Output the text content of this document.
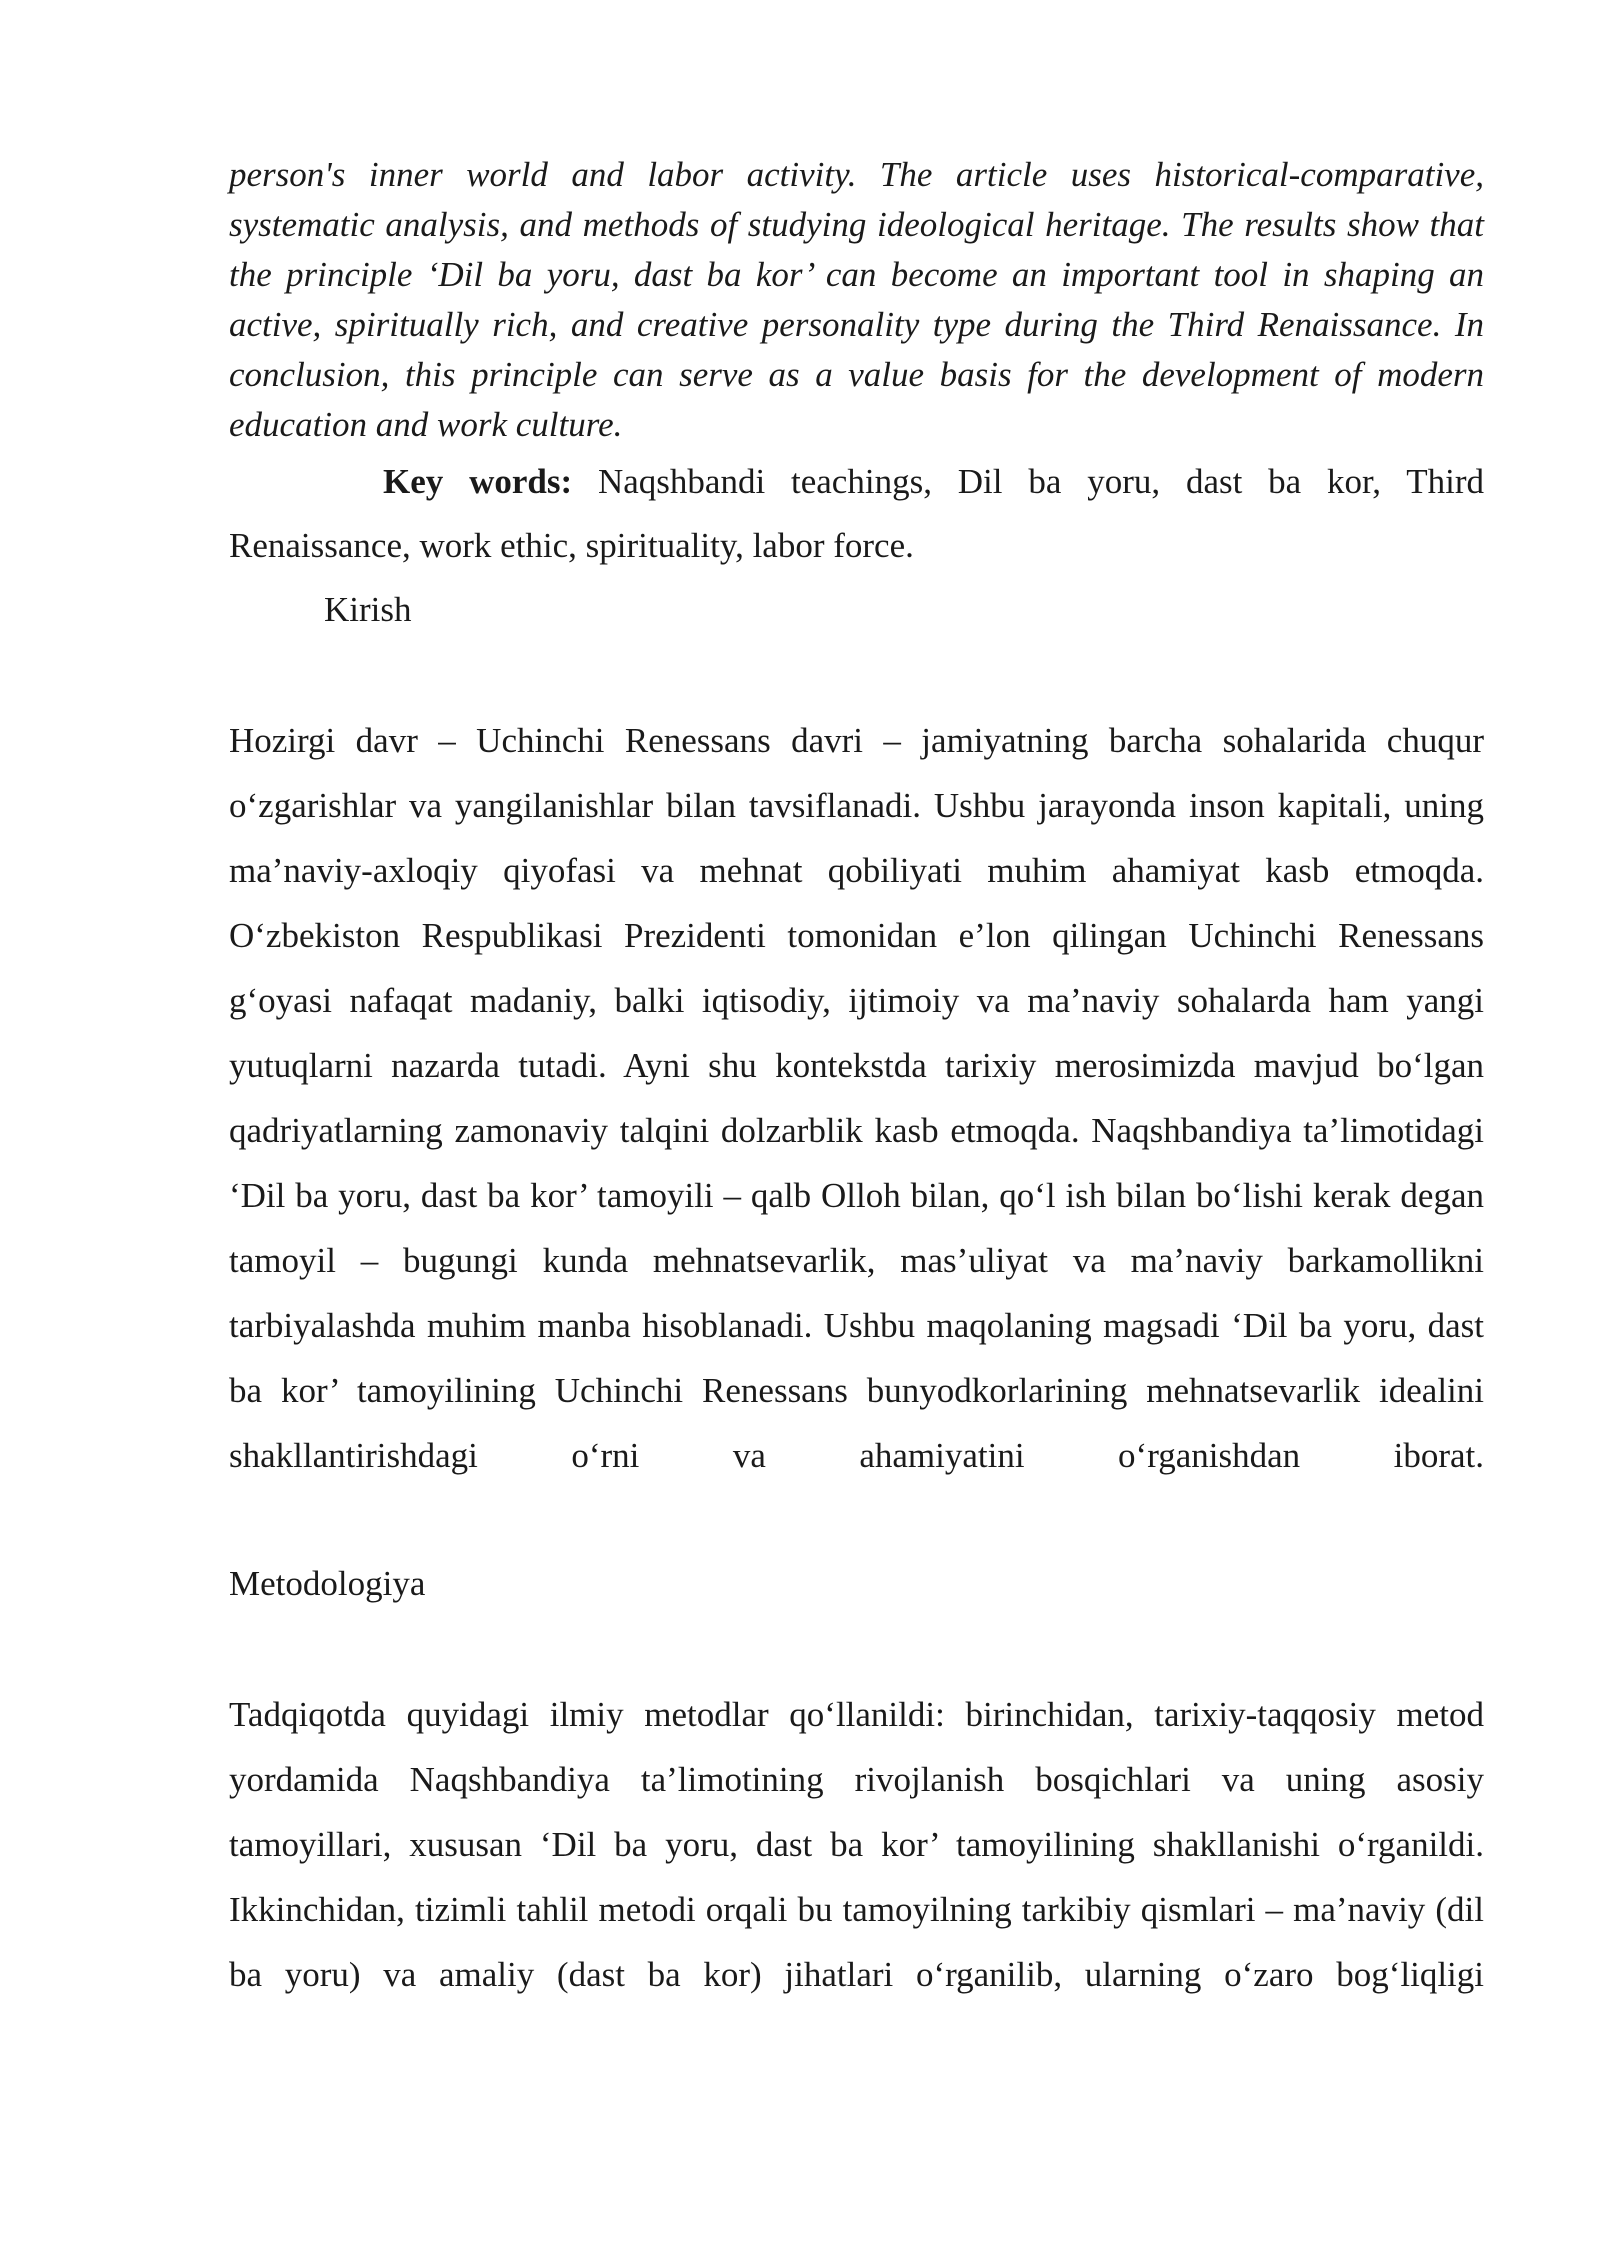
person's inner world and labor activity. The article uses historical-comparative, systematic analysis, and methods of studying ideological heritage. The results show that the principle ‘Dil ba yoru, dast ba kor’ can become an important tool in shaping an active, spiritually rich, and creative personality type during the Third Renaissance. In conclusion, this principle can serve as a value basis for the development of modern education and work culture.

Key words: Naqshbandi teachings, Dil ba yoru, dast ba kor, Third Renaissance, work ethic, spirituality, labor force.

Kirish

Hozirgi davr – Uchinchi Renessans davri – jamiyatning barcha sohalarida chuqur o‘zgarishlar va yangilanishlar bilan tavsiflanadi. Ushbu jarayonda inson kapitali, uning ma’naviy-axloqiy qiyofasi va mehnat qobiliyati muhim ahamiyat kasb etmoqda. O‘zbekiston Respublikasi Prezidenti tomonidan e’lon qilingan Uchinchi Renessans g‘oyasi nafaqat madaniy, balki iqtisodiy, ijtimoiy va ma’naviy sohalarda ham yangi yutuqlarni nazarda tutadi. Ayni shu kontekstda tarixiy merosimizda mavjud bo‘lgan qadriyatlarning zamonaviy talqini dolzarblik kasb etmoqda. Naqshbandiya ta’limotidagi ‘Dil ba yoru, dast ba kor’ tamoyili – qalb Olloh bilan, qo‘l ish bilan bo‘lishi kerak degan tamoyil – bugungi kunda mehnatsevarlik, mas’uliyat va ma’naviy barkamollikni tarbiyalashda muhim manba hisoblanadi. Ushbu maqolaning magsadi ‘Dil ba yoru, dast ba kor’ tamoyilining Uchinchi Renessans bunyodkorlarining mehnatsevarlik idealini shakllantirishdagi o‘rni va ahamiyatini o‘rganishdan iborat.

Metodologiya

Tadqiqotda quyidagi ilmiy metodlar qo‘llanildi: birinchidan, tarixiy-taqqosiy metod yordamida Naqshbandiya ta’limotining rivojlanish bosqichlari va uning asosiy tamoyillari, xususan ‘Dil ba yoru, dast ba kor’ tamoyilining shakllanishi o‘rganildi. Ikkinchidan, tizimli tahlil metodi orqali bu tamoyilning tarkibiy qismlari – ma’naviy (dil ba yoru) va amaliy (dast ba kor) jihatlari o‘rganilib, ularning o‘zaro bog‘liqligi
